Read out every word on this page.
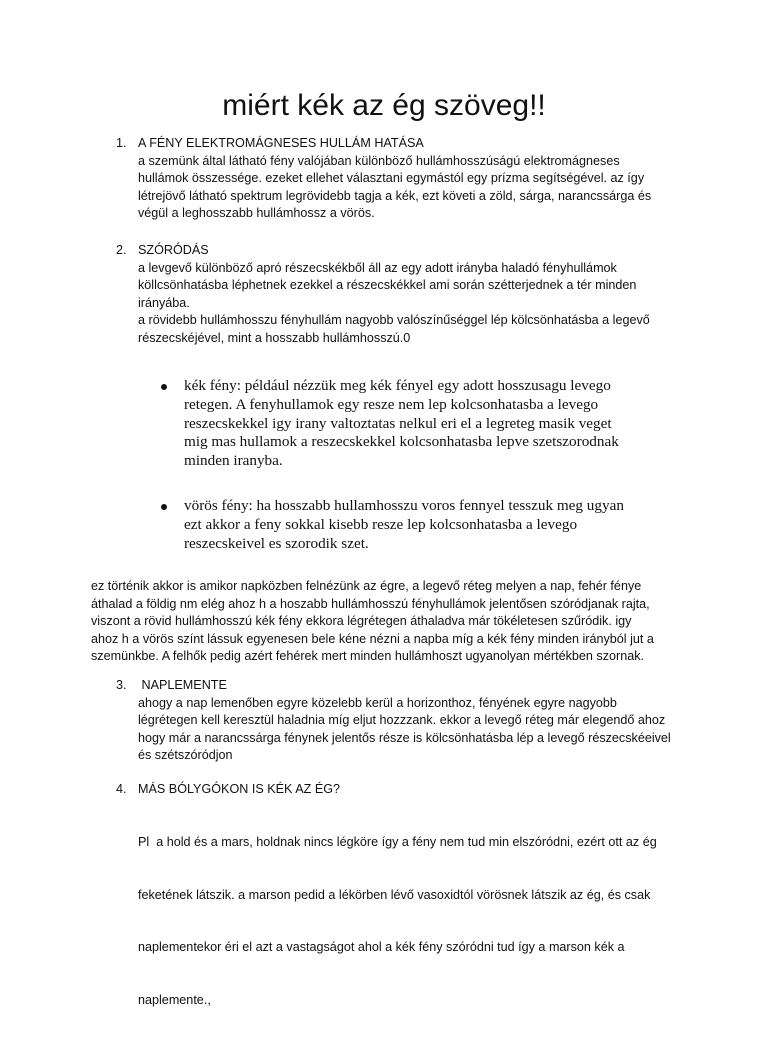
miért kék az ég szöveg!!
1. A FÉNY ELEKTROMÁGNESES HULLÁM HATÁSA
a szemünk által látható fény valójában különböző hullámhosszúságú elektromágneses
hullámok összessége. ezeket ellehet választani egymástól egy prízma segítségével. az így
létrejövő látható spektrum legrövidebb tagja a kék, ezt követi a zöld, sárga, narancssárga és
végül a leghosszabb hullámhossz a vörös.
2. SZÓRÓDÁS
a levgevő különböző apró részecskékből áll az egy adott irányba haladó fényhullámok
köllcsönhatásba léphetnek ezekkel a részecskékkel ami során szétterjednek a tér minden
irányába.
a rövidebb hullámhosszu fényhullám nagyobb valószínűséggel lép kölcsönhatásba a legevő
részecskéjével, mint a hosszabb hullámhosszú.0
kék fény: például nézzük meg kék fényel egy adott hosszusagu levego
retegen. A fenyhullamok egy resze nem lep kolcsonhatasba a levego
reszecskekkel igy irany valtoztatas nelkul eri el a legreteg masik veget
mig mas hullamok a reszecskekkel kolcsonhatasba lepve szetszorodnak
minden iranyba.
vörös fény: ha hosszabb hullamhosszu voros fennyel tesszuk meg ugyan
ezt akkor a feny sokkal kisebb resze lep kolcsonhatasba a levego
reszecskeivel es szorodik szet.
ez történik akkor is amikor napközben felnézünk az égre, a legevő réteg melyen a nap, fehér fénye
áthalad a földig nm elég ahoz h a hoszabb hullámhosszú fényhullámok jelentősen szóródjanak rajta,
viszont a rövid hullámhosszú kék fény ekkora légrétegen áthaladva már tökéletesen szűródik. igy
ahoz h a vörös színt lássuk egyenesen bele kéne nézni a napba míg a kék fény minden irányból jut a
szemünkbe. A felhők pedig azért fehérek mert minden hullámhoszt ugyanolyan mértékben szornak.
3. NAPLEMENTE
ahogy a nap lemenőben egyre közelebb kerül a horizonthoz, fényének egyre nagyobb
légrétegen kell keresztül haladnia míg eljut hozzzank. ekkor a levegő réteg már elegendő ahoz
hogy már a narancssárga fénynek jelentős része is kölcsönhatásba lép a levegő részecskéeivel
és szétszóródjon
4. MÁS BÓLYGÓKON IS KÉK AZ ÉG?

Pl  a hold és a mars, holdnak nincs légköre így a fény nem tud min elszóródni, ezért ott az ég

feketének látszik. a marson pedid a lékörben lévő vasoxidtól vörösnek látszik az ég, és csak

naplementekor éri el azt a vastagságot ahol a kék fény szóródni tud így a marson kék a

naplemente.,
